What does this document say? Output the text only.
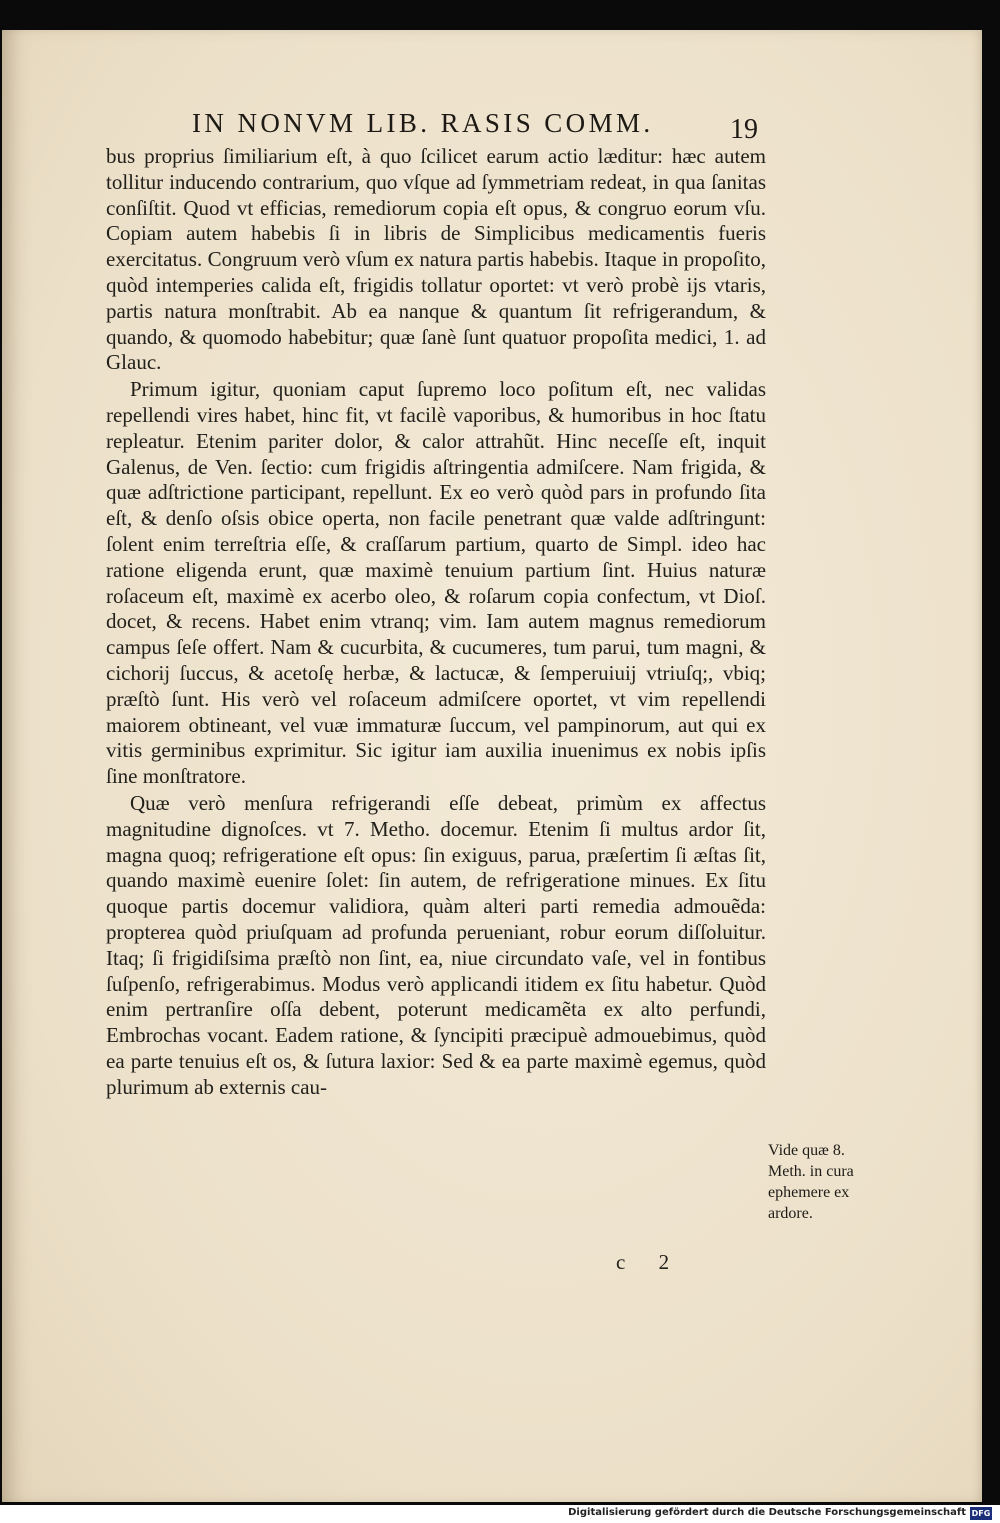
IN NONVM LIB. RASIS COMM.	19

bus proprius ſimiliarium eſt, à quo ſcilicet earum actio læditur: hæc autem tollitur inducendo contrarium, quo vſque ad ſymmetriam redeat, in qua ſanitas conſiſtit. Quod vt efficias, remediorum copia eſt opus, & congruo eorum vſu. Copiam autem habebis ſi in libris de Simplicibus medicamentis fueris exercitatus. Congruum verò vſum ex natura partis habebis. Itaque in propoſito, quòd intemperies calida eſt, frigidis tollatur oportet: vt verò probè ijs vtaris, partis natura monſtrabit. Ab ea nanque & quantum ſit refrigerandum, & quando, & quomodo habebitur; quæ ſanè ſunt quatuor propoſita medici, 1. ad Glauc.

Primum igitur, quoniam caput ſupremo loco poſitum eſt, nec validas repellendi vires habet, hinc fit, vt facilè vaporibus, & humoribus in hoc ſtatu repleatur. Etenim pariter dolor, & calor attrahũt. Hinc neceſſe eſt, inquit Galenus, de Ven. ſectio: cum frigidis aſtringentia admiſcere. Nam frigida, & quæ adſtrictione participant, repellunt. Ex eo verò quòd pars in profundo ſita eſt, & denſo oſsis obice operta, non facile penetrant quæ valde adſtringunt: ſolent enim terreſtria eſſe, & craſſarum partium, quarto de Simpl. ideo hac ratione eligenda erunt, quæ maximè tenuium partium ſint. Huius naturæ roſaceum eſt, maximè ex acerbo oleo, & roſarum copia confectum, vt Dioſ. docet, & recens. Habet enim vtranq; vim. Iam autem magnus remediorum campus ſeſe offert. Nam & cucurbita, & cucumeres, tum parui, tum magni, & cichorij ſuccus, & acetoſę herbæ, & lactucæ, & ſemperuiuij vtriuſq;, vbiq; præſtò ſunt. His verò vel roſaceum admiſcere oportet, vt vim repellendi maiorem obtineant, vel vuæ immaturæ ſuccum, vel pampinorum, aut qui ex vitis germinibus exprimitur. Sic igitur iam auxilia inuenimus ex nobis ipſis ſine monſtratore.

Quæ verò menſura refrigerandi eſſe debeat, primùm ex affectus magnitudine dignoſces. vt 7. Metho. docemur. Etenim ſi multus ardor ſit, magna quoq; refrigeratione eſt opus: ſin exiguus, parua, præſertim ſi æſtas ſit, quando maximè euenire ſolet: ſin autem, de refrigeratione minues. Ex ſitu quoque partis docemur validiora, quàm alteri parti remedia admouẽda: propterea quòd priuſquam ad profunda perueniant, robur eorum diſſoluitur. Itaq; ſi frigidiſsima præſtò non ſint, ea, niue circundato vaſe, vel in fontibus ſuſpenſo, refrigerabimus. Modus verò applicandi itidem ex ſitu habetur. Quòd enim pertranſire oſſa debent, poterunt medicamẽta ex alto perfundi, Embrochas vocant. Eadem ratione, & ſyncipiti præcipuè admouebimus, quòd ea parte tenuius eſt os, & ſutura laxior: Sed & ea parte maximè egemus, quòd plurimum ab externis cau-

Vide quæ 8. Meth. in cura ephemere ex ardore.
c 2
Digitalisierung gefördert durch die Deutsche Forschungsgemeinschaft DFG
